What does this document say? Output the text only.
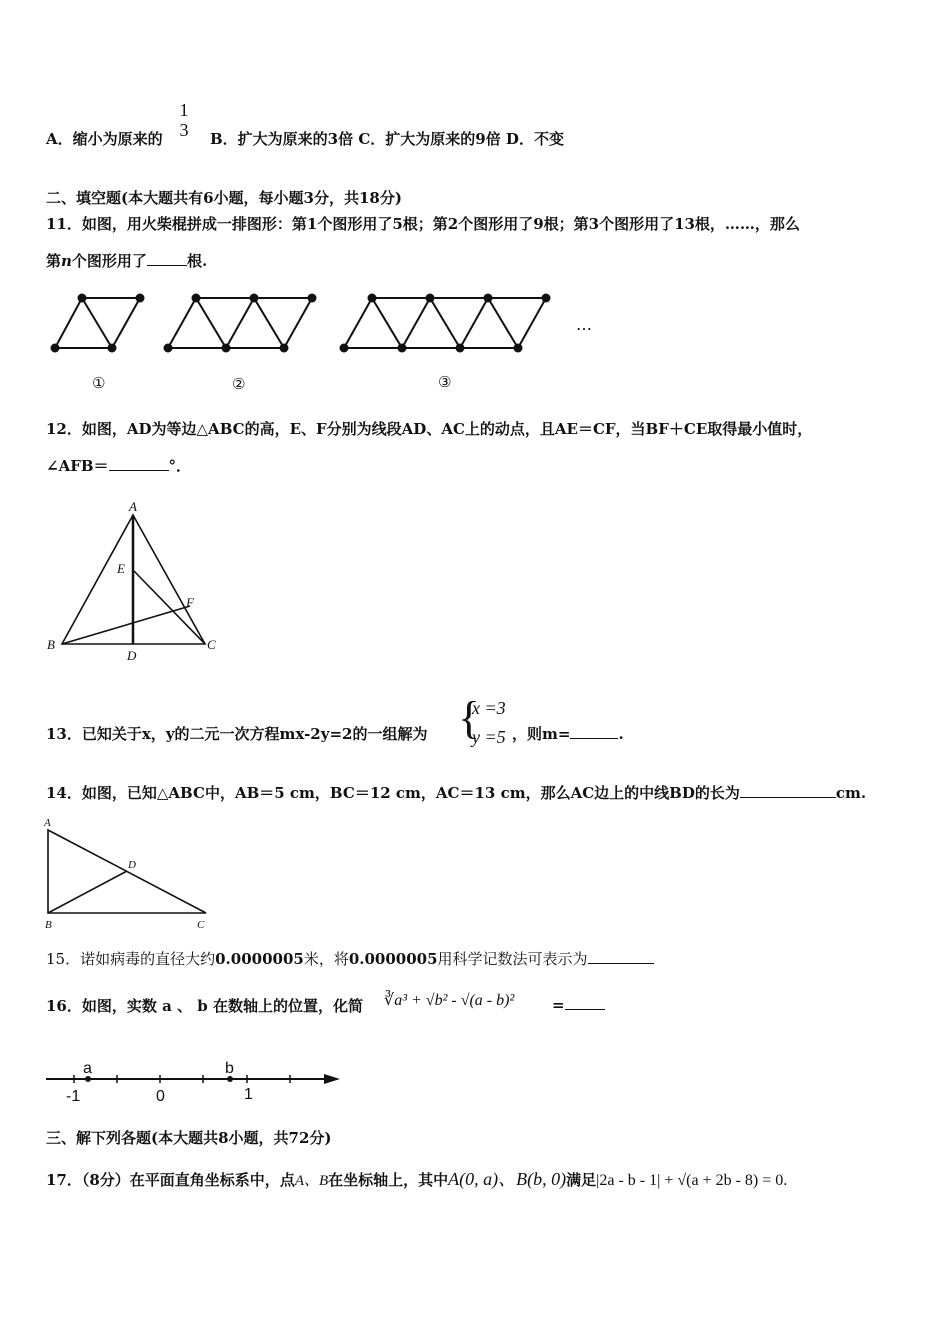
A．缩小为原来的
1
3 B．扩大为原来的3倍 C．扩大为原来的9倍 D．不变
二、填空题(本大题共有6小题，每小题3分，共18分)
11．如图，用火柴棍拼成一排图形：第1个图形用了5根；第2个图形用了9根；第3个图形用了13根，……，那么
第n个图形用了	根.
①	②	③
…
12．如图，AD为等边△ABC的高，E、F分别为线段AD、AC上的动点，且AE＝CF，当BF＋CE取得最小值时，
∠AFB＝	°．
A
E
F
B
D
C
13．已知关于x，y的二元一次方程mx-2y=2的一组解为 {
x =3
y =5 ，则m=	.
14．如图，已知△ABC中，AB＝5 cm，BC＝12 cm，AC＝13 cm，那么AC边上的中线BD的长为	cm.
A
D
B	C
15．诺如病毒的直径大约0.0000005米，将0.0000005用科学记数法可表示为
16．如图，实数 a 、 b 在数轴上的位置，化简 ∛a³ + √b² - √(a - b)²	=
a	b
-1	0	1
三、解下列各题(本大题共8小题，共72分)
17．（8分）在平面直角坐标系中，点A、B在坐标轴上，其中A(0, a)、B(b, 0)满足|2a - b - 1| + √(a + 2b - 8) = 0.
